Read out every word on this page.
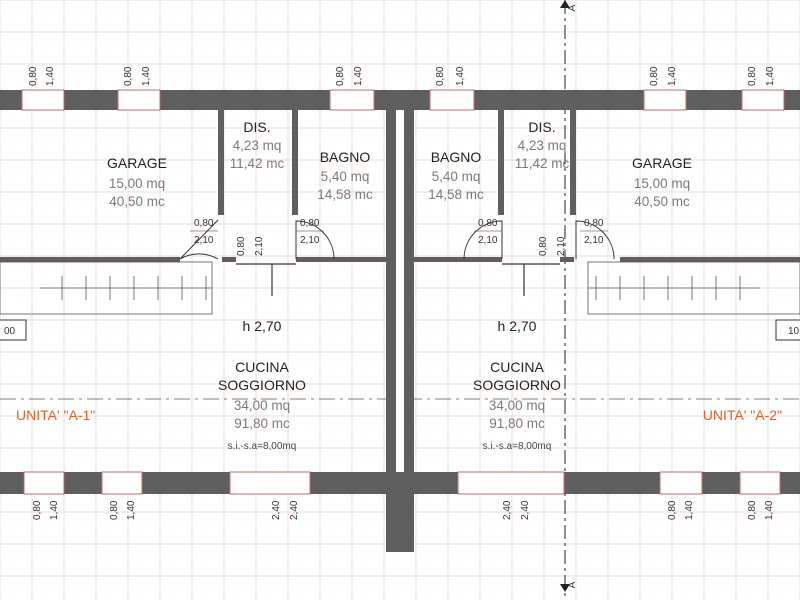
A
A
00	10
GARAGE
15,00 mq
40,50 mc
DIS.
4,23 mq
11,42 mc	BAGNO
5,40 mq
14,58 mc
h 2,70
CUCINA
SOGGIORNO
34,00 mq
91,80 mc
s.i.-s.a=8,00mq
UNITA' "A-1"
GARAGE
15,00 mq
40,50 mc
DIS.
4,23 mq
11,42 mc
BAGNO
5,40 mq
14,58 mc
h 2,70
CUCINA
SOGGIORNO
34,00 mq
91,80 mc
s.i.-s.a=8,00mq
UNITA' "A-2"
0,80 1,40	0,80 1,40	0,80 1,40	0,80 1,40	0,80 1,40	0,80 1,40
0,80
2,10
0,80
2,10
0,80
2,10
0,80
2,10
0,80 2,10	0,80 2,10
0,80 1,40	0,80 1,40	2,40 2,40	2,40 2,40	0,80 1,40	0,80 1,40
